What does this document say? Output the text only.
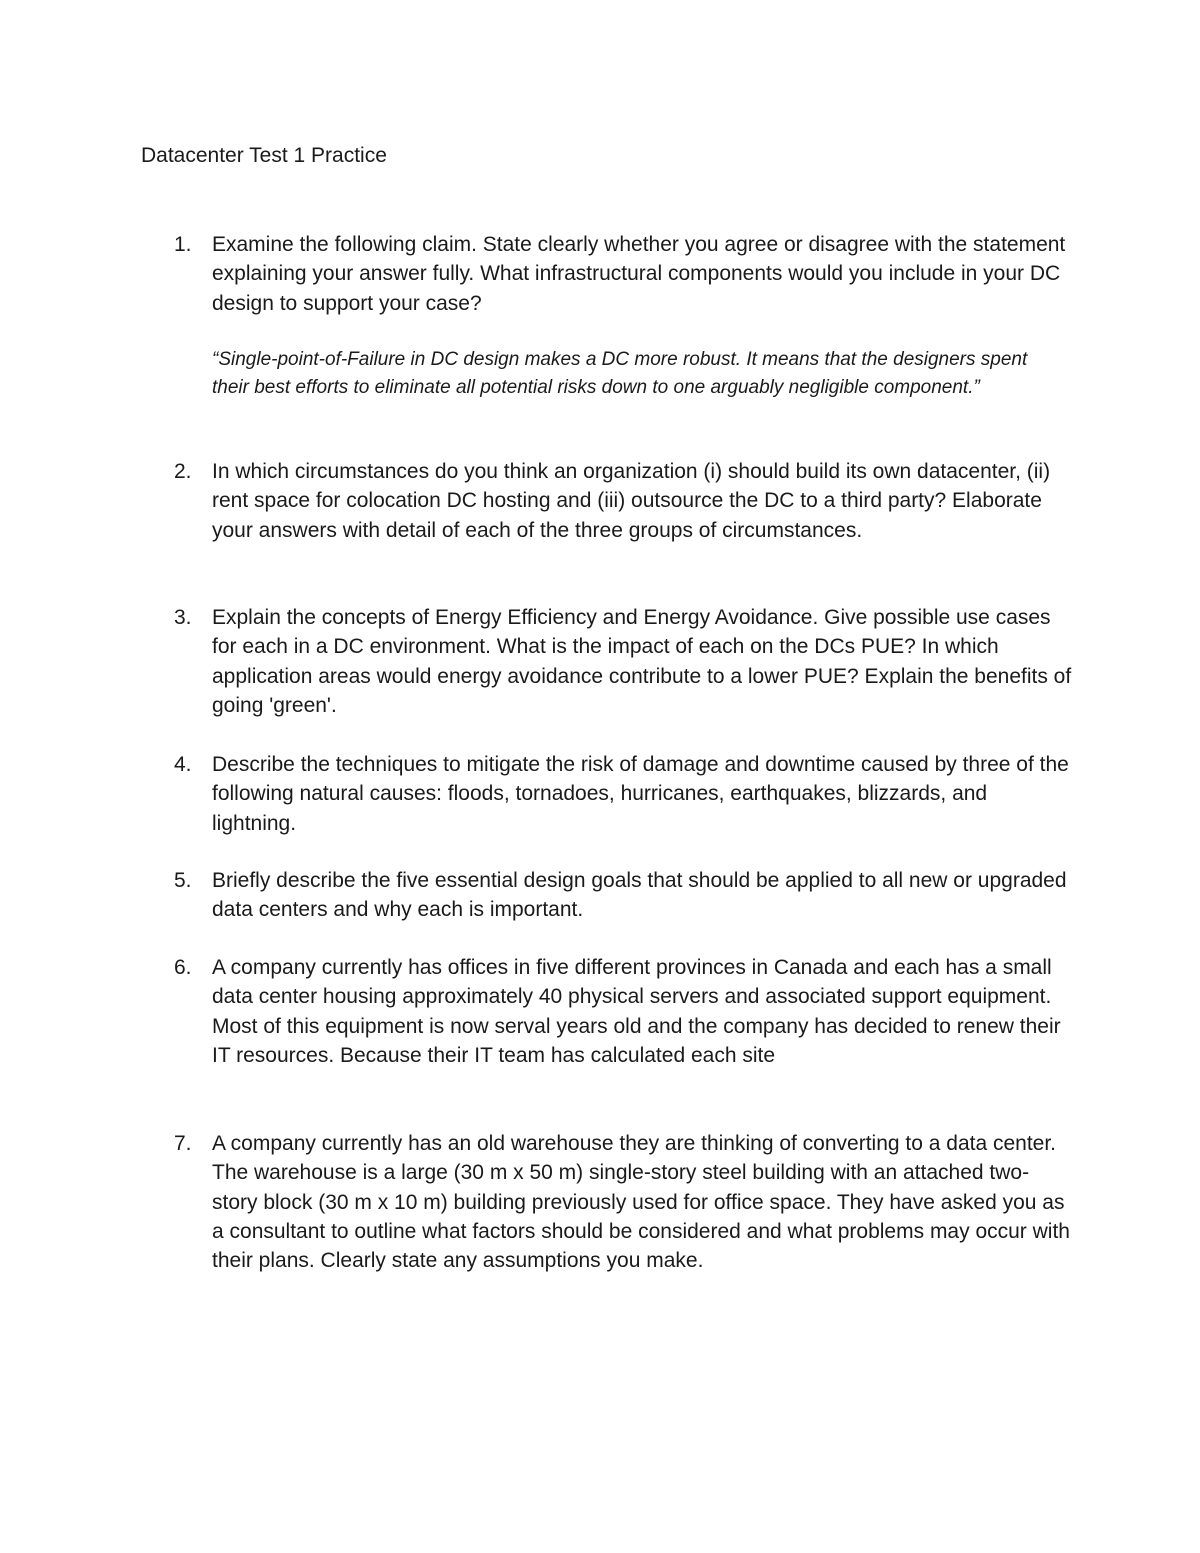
Datacenter Test 1 Practice
1. Examine the following claim. State clearly whether you agree or disagree with the statement explaining your answer fully. What infrastructural components would you include in your DC design to support your case?
“Single-point-of-Failure in DC design makes a DC more robust. It means that the designers spent their best efforts to eliminate all potential risks down to one arguably negligible component.”
2. In which circumstances do you think an organization (i) should build its own datacenter, (ii) rent space for colocation DC hosting and (iii) outsource the DC to a third party? Elaborate your answers with detail of each of the three groups of circumstances.
3. Explain the concepts of Energy Efficiency and Energy Avoidance. Give possible use cases for each in a DC environment. What is the impact of each on the DCs PUE? In which application areas would energy avoidance contribute to a lower PUE? Explain the benefits of going 'green'.
4. Describe the techniques to mitigate the risk of damage and downtime caused by three of the following natural causes: floods, tornadoes, hurricanes, earthquakes, blizzards, and lightning.
5. Briefly describe the five essential design goals that should be applied to all new or upgraded data centers and why each is important.
6. A company currently has offices in five different provinces in Canada and each has a small data center housing approximately 40 physical servers and associated support equipment. Most of this equipment is now serval years old and the company has decided to renew their IT resources. Because their IT team has calculated each site
7. A company currently has an old warehouse they are thinking of converting to a data center. The warehouse is a large (30 m x 50 m) single-story steel building with an attached two-story block (30 m x 10 m) building previously used for office space. They have asked you as a consultant to outline what factors should be considered and what problems may occur with their plans. Clearly state any assumptions you make.
